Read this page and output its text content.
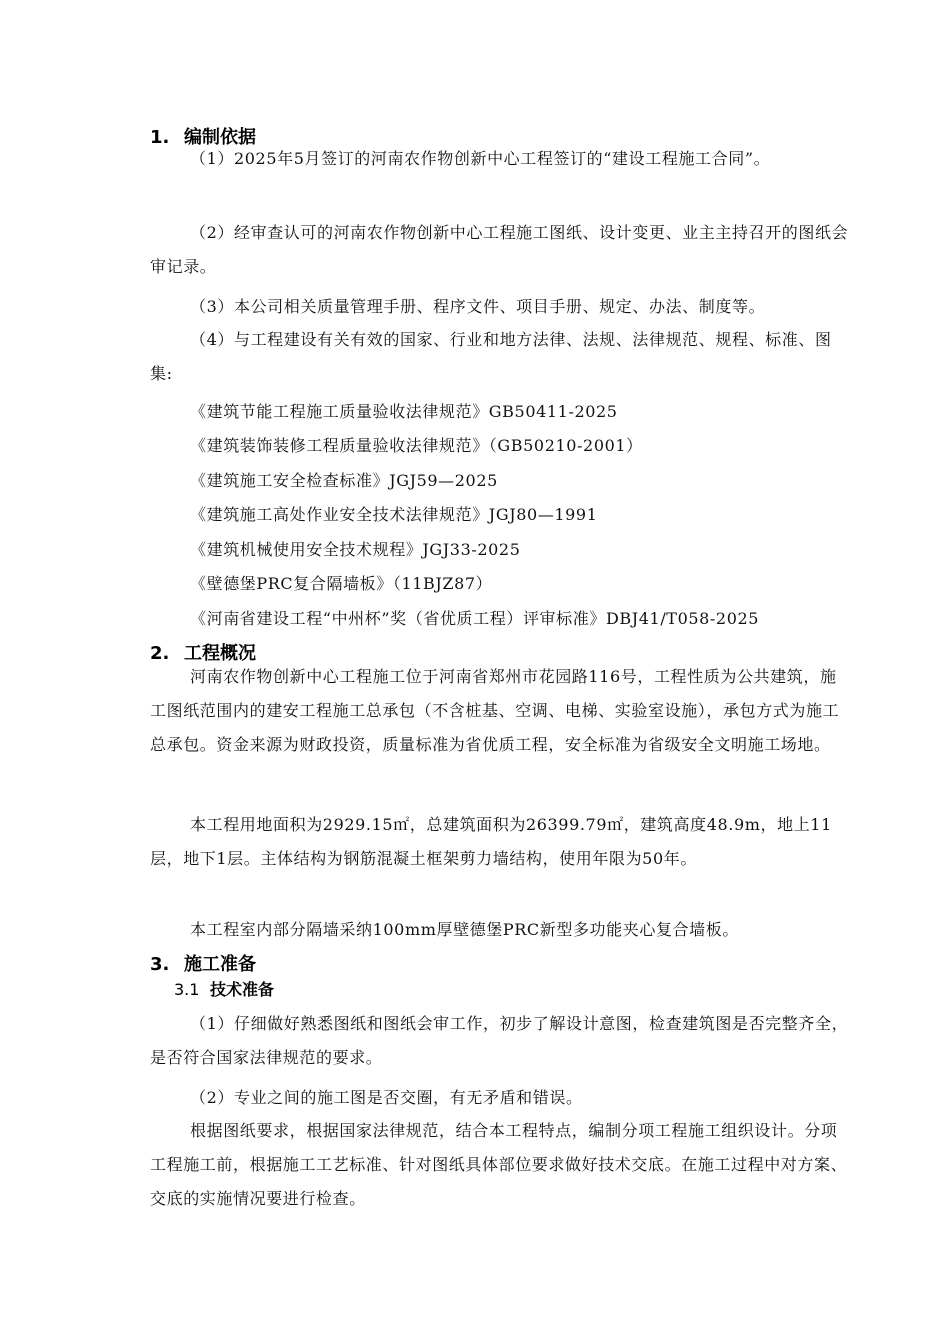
1. 编制依据

（1）2025年5月签订的河南农作物创新中心工程签订的“建设工程施工合同”。

（2）经审查认可的河南农作物创新中心工程施工图纸、设计变更、业主主持召开的图纸会审记录。

（3）本公司相关质量管理手册、程序文件、项目手册、规定、办法、制度等。

（4）与工程建设有关有效的国家、行业和地方法律、法规、法律规范、规程、标准、图集:

《建筑节能工程施工质量验收法律规范》GB50411-2025
《建筑装饰装修工程质量验收法律规范》（GB50210-2001）
《建筑施工安全检查标准》JGJ59—2025
《建筑施工高处作业安全技术法律规范》JGJ80—1991
《建筑机械使用安全技术规程》JGJ33-2025
《壁德堡PRC复合隔墙板》（11BJZ87）
《河南省建设工程“中州杯”奖（省优质工程）评审标准》DBJ41/T058-2025
2. 工程概况

河南农作物创新中心工程施工位于河南省郑州市花园路116号，工程性质为公共建筑，施工图纸范围内的建安工程施工总承包（不含桩基、空调、电梯、实验室设施），承包方式为施工总承包。资金来源为财政投资，质量标准为省优质工程，安全标准为省级安全文明施工场地。

本工程用地面积为2929.15㎡，总建筑面积为26399.79㎡，建筑高度48.9m，地上11层，地下1层。主体结构为钢筋混凝土框架剪力墙结构，使用年限为50年。

本工程室内部分隔墙采纳100mm厚壁德堡PRC新型多功能夹心复合墙板。

3. 施工准备
3.1 技术准备

（1）仔细做好熟悉图纸和图纸会审工作，初步了解设计意图，检查建筑图是否完整齐全，是否符合国家法律规范的要求。

（2）专业之间的施工图是否交圈，有无矛盾和错误。

根据图纸要求，根据国家法律规范，结合本工程特点，编制分项工程施工组织设计。分项工程施工前，根据施工工艺标准、针对图纸具体部位要求做好技术交底。在施工过程中对方案、交底的实施情况要进行检查。
